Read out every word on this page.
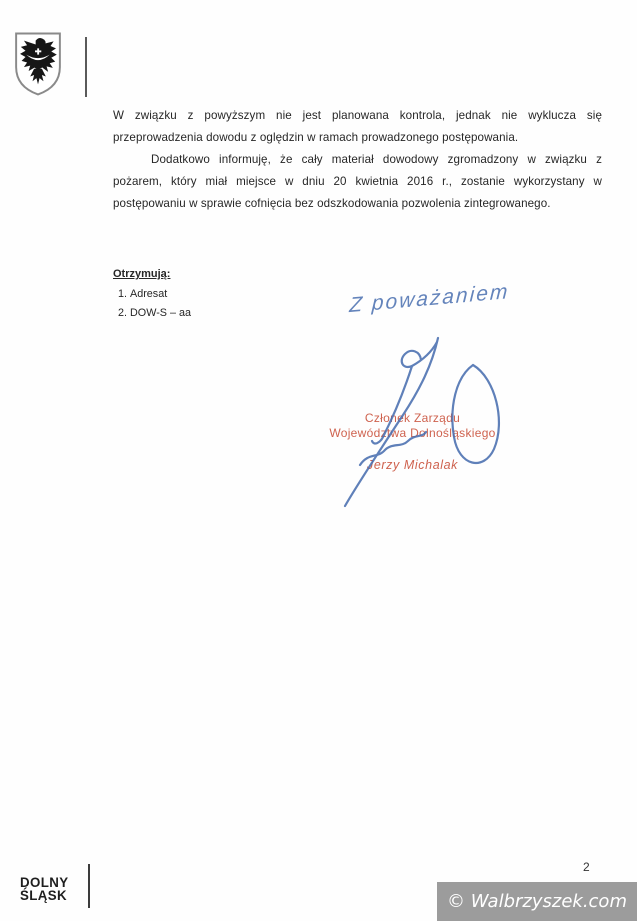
W związku z powyższym nie jest planowana kontrola, jednak nie wyklucza się przeprowadzenia dowodu z oględzin w ramach prowadzonego postępowania.

Dodatkowo informuję, że cały materiał dowodowy zgromadzony w związku z pożarem, który miał miejsce w dniu 20 kwietnia 2016 r., zostanie wykorzystany w postępowaniu w sprawie cofnięcia bez odszkodowania pozwolenia zintegrowanego.

Otrzymują:
1. Adresat
2. DOW-S – aa	Z poważaniem
Członek Zarządu
Województwa Dolnośląskiego
Jerzy Michalak
DOLNY
ŚLĄSK
2
© Walbrzyszek.com
